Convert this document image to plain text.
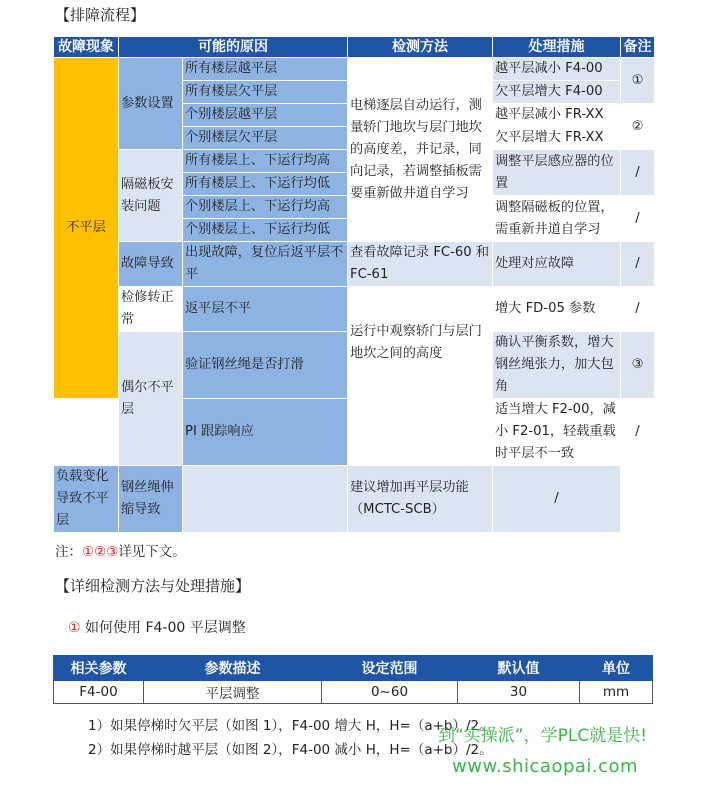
【排障流程】
故障现象	可能的原因		检测方法	处理措施	备注
不平层	参数设置	所有楼层越平层	电梯逐层自动运行，测量轿门地坎与层门地坎的高度差，并记录，同向记录，若调整插板需要重新做井道自学习	越平层减小 F4-00	①
		所有楼层欠平层		欠平层增大 F4-00	
		个别楼层越平层		越平层减小 FR-XX	②
		个别楼层欠平层		欠平层增大 FR-XX	
	隔磁板安装问题	所有楼层上、下运行均高		调整平层感应器的位置	/
		所有楼层上、下运行均低			
		个别楼层上、下运行均高		调整隔磁板的位置，需重新井道自学习	/
		个别楼层上、下运行均低			
	故障导致	出现故障，复位后返平层不平	查看故障记录 FC-60 和 FC-61	处理对应故障	/

	检修转正常	返平层不平	运行中观察轿门与层门地坎之间的高度	增大 FD-05 参数	/

	偶尔不平层	验证钢丝绳是否打滑		确认平衡系数，增大钢丝绳张力，加大包角	③

		PI 跟踪响应		适当增大 F2-00，减小 F2-01，轻载重载时平层不一致	/

负载变化导致不平层	钢丝绳伸缩导致		建议增加再平层功能（MCTC-SCB）	/	

注：①②③详见下文。
【详细检测方法与处理措施】
① 如何使用 F4-00 平层调整
相关参数	参数描述	设定范围	默认值	单位
F4-00	平层调整	0~60	30	mm
1）如果停梯时欠平层（如图 1），F4-00 增大 H，H=（a+b）/2。
2）如果停梯时越平层（如图 2），F4-00 减小 H，H=（a+b）/2。
到“实操派”，学PLC就是快!
www.shicaopai.com
